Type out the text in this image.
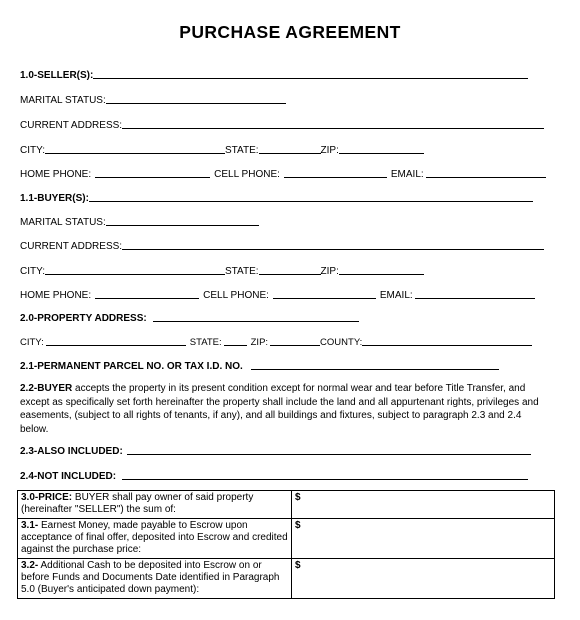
PURCHASE AGREEMENT
1.0-SELLER(S):
MARITAL STATUS:
CURRENT ADDRESS:
CITY:	STATE:	ZIP:
HOME PHONE:	CELL PHONE:	EMAIL:
1.1-BUYER(S):
MARITAL STATUS:
CURRENT ADDRESS:
CITY:	STATE:	ZIP:
HOME PHONE:	CELL PHONE:	EMAIL:
2.0-PROPERTY ADDRESS:
CITY:	STATE:	ZIP:	COUNTY:
2.1-PERMANENT PARCEL NO. OR TAX I.D. NO.

2.2-BUYER accepts the property in its present condition except for normal wear and tear before Title Transfer, and except as specifically set forth hereinafter the property shall include the land and all appurtenant rights, privileges and easements, (subject to all rights of tenants, if any), and all buildings and fixtures, subject to paragraph 2.3 and 2.4 below.

2.3-ALSO INCLUDED:
2.4-NOT INCLUDED:
3.0-PRICE: BUYER shall pay owner of said property (hereinafter "SELLER") the sum of:	$
3.1- Earnest Money, made payable to Escrow upon acceptance of final offer, deposited into Escrow and credited against the purchase price:	$
3.2- Additional Cash to be deposited into Escrow on or before Funds and Documents Date identified in Paragraph 5.0 (Buyer's anticipated down payment):	$
